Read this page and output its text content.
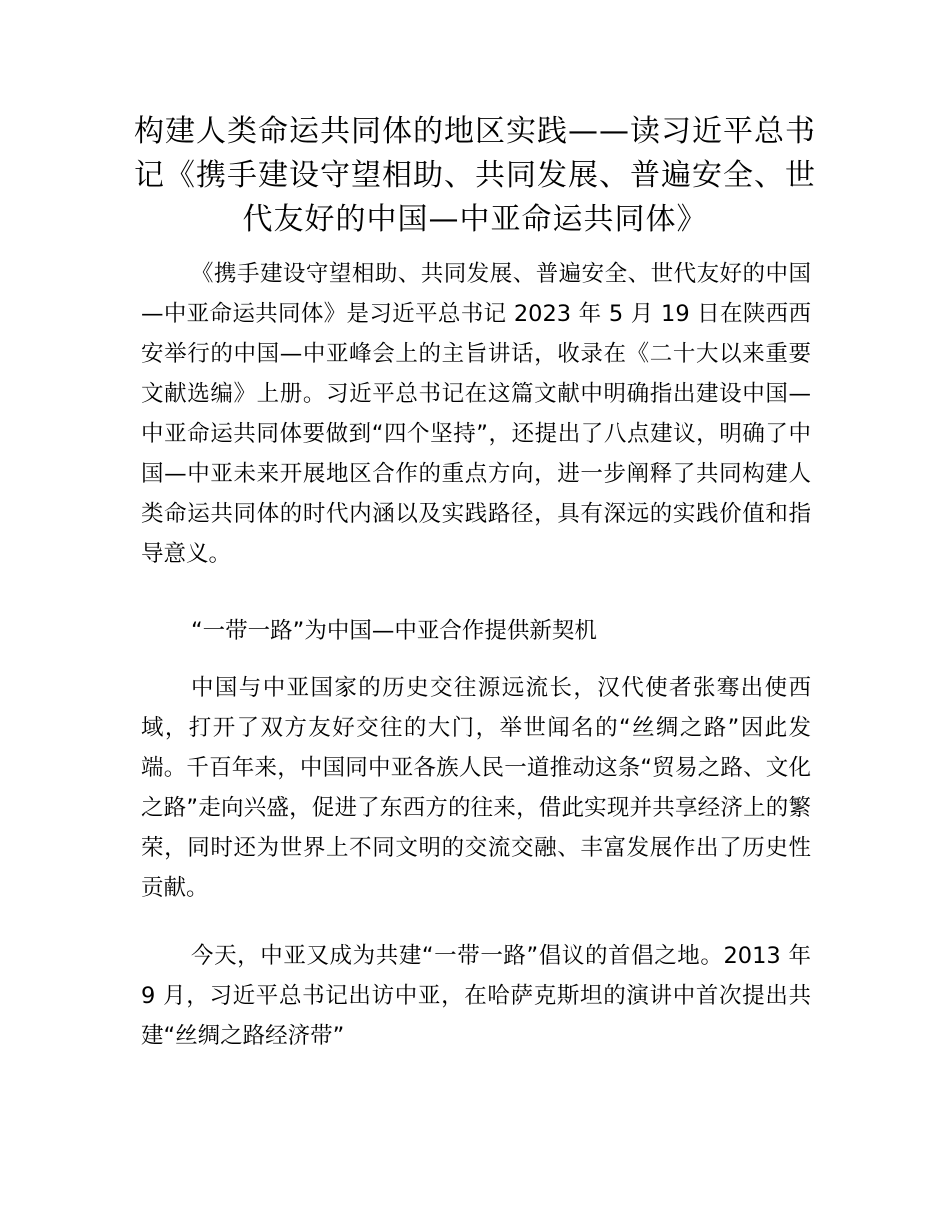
构建人类命运共同体的地区实践——读习近平总书记《携手建设守望相助、共同发展、普遍安全、世代友好的中国—中亚命运共同体》

《携手建设守望相助、共同发展、普遍安全、世代友好的中国—中亚命运共同体》是习近平总书记 2023 年 5 月 19 日在陕西西安举行的中国—中亚峰会上的主旨讲话，收录在《二十大以来重要文献选编》上册。习近平总书记在这篇文献中明确指出建设中国—中亚命运共同体要做到“四个坚持”，还提出了八点建议，明确了中国—中亚未来开展地区合作的重点方向，进一步阐释了共同构建人类命运共同体的时代内涵以及实践路径，具有深远的实践价值和指导意义。

“一带一路”为中国—中亚合作提供新契机

中国与中亚国家的历史交往源远流长，汉代使者张骞出使西域，打开了双方友好交往的大门，举世闻名的“丝绸之路”因此发端。千百年来，中国同中亚各族人民一道推动这条“贸易之路、文化之路”走向兴盛，促进了东西方的往来，借此实现并共享经济上的繁荣，同时还为世界上不同文明的交流交融、丰富发展作出了历史性贡献。

今天，中亚又成为共建“一带一路”倡议的首倡之地。2013 年 9 月，习近平总书记出访中亚，在哈萨克斯坦的演讲中首次提出共建“丝绸之路经济带”
